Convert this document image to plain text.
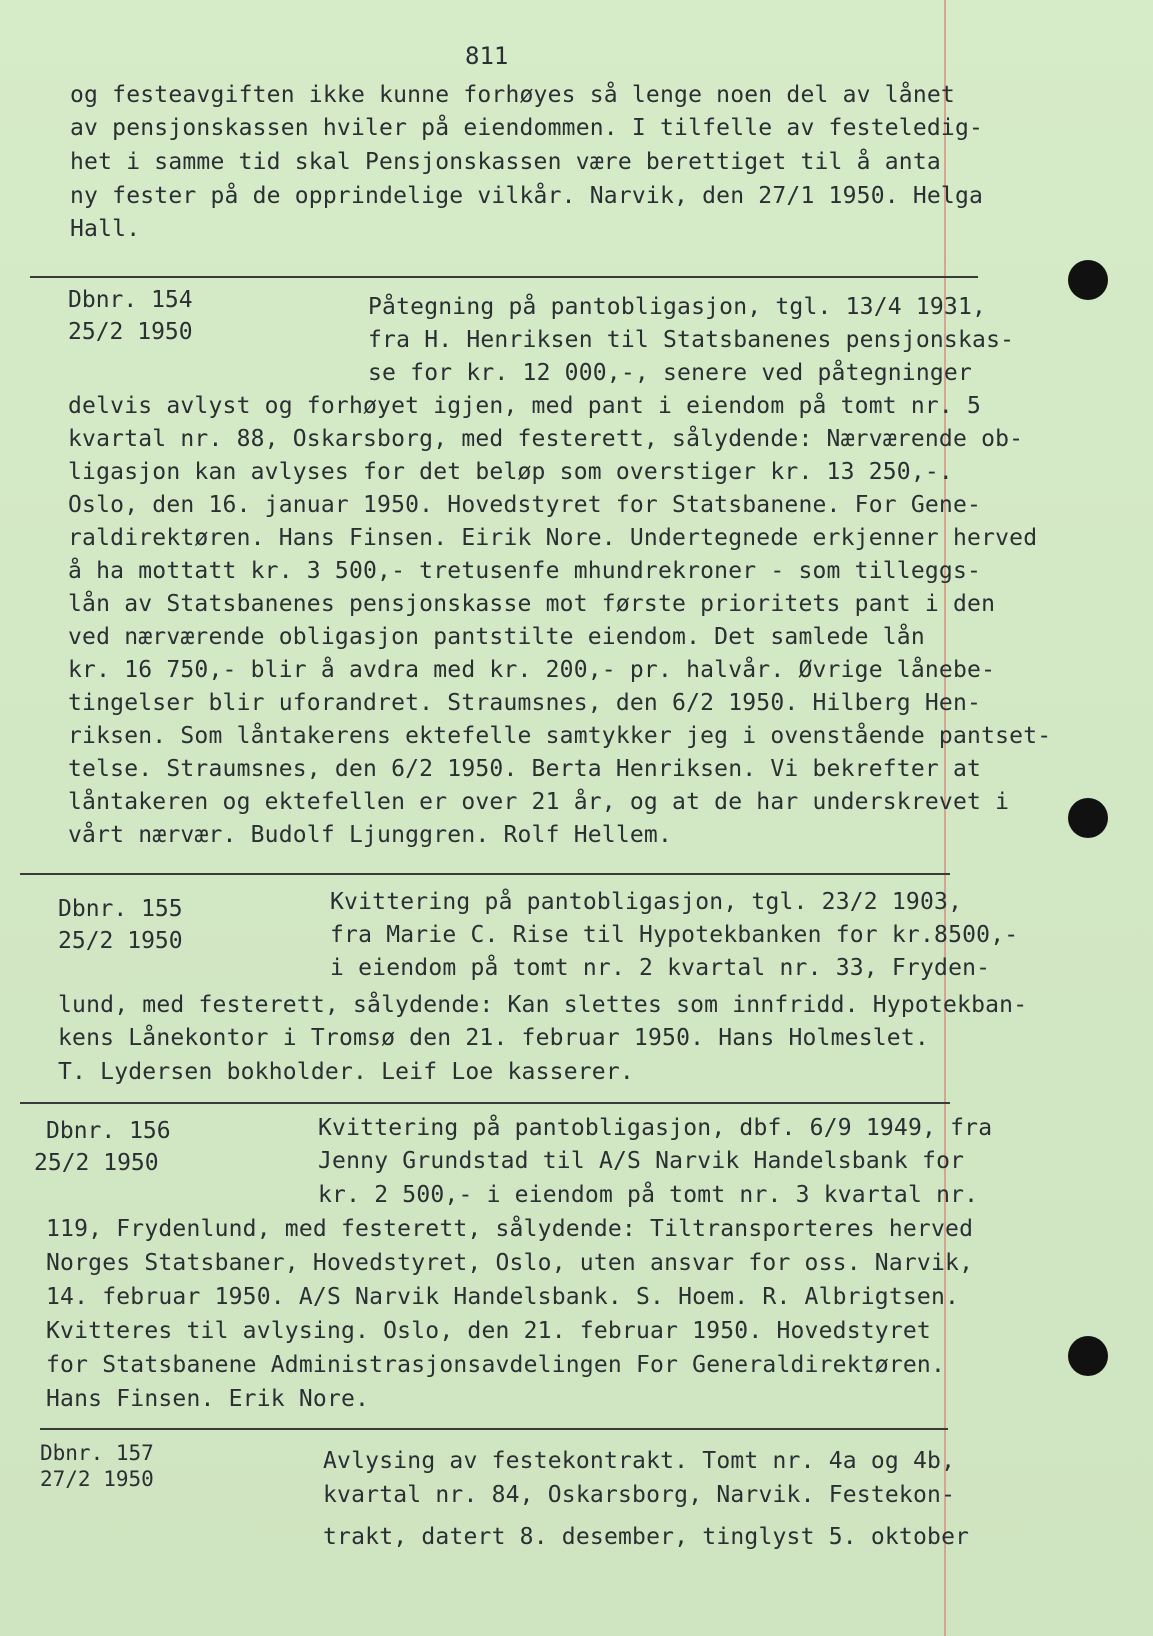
811
og festeavgiften ikke kunne forhøyes så lenge noen del av lånet
av pensjonskassen hviler på eiendommen. I tilfelle av festeledig-
het i samme tid skal Pensjonskassen være berettiget til å anta
ny fester på de opprindelige vilkår. Narvik, den 27/1 1950. Helga
Hall.
Dbnr. 154
25/2 1950
Påtegning på pantobligasjon, tgl. 13/4 1931,
fra H. Henriksen til Statsbanenes pensjonskas-
se for kr. 12 000,-, senere ved påtegninger
delvis avlyst og forhøyet igjen, med pant i eiendom på tomt nr. 5
kvartal nr. 88, Oskarsborg, med festerett, sålydende: Nærværende ob-
ligasjon kan avlyses for det beløp som overstiger kr. 13 250,-.
Oslo, den 16. januar 1950. Hovedstyret for Statsbanene. For Gene-
raldirektøren. Hans Finsen. Eirik Nore. Undertegnede erkjenner herved
å ha mottatt kr. 3 500,- tretusenfe mhundrekroner - som tilleggs-
lån av Statsbanenes pensjonskasse mot første prioritets pant i den
ved nærværende obligasjon pantstilte eiendom. Det samlede lån
kr. 16 750,- blir å avdra med kr. 200,- pr. halvår. Øvrige lånebe-
tingelser blir uforandret. Straumsnes, den 6/2 1950. Hilberg Hen-
riksen. Som låntakerens ektefelle samtykker jeg i ovenstående pantset-
telse. Straumsnes, den 6/2 1950. Berta Henriksen. Vi bekrefter at
låntakeren og ektefellen er over 21 år, og at de har underskrevet i
vårt nærvær. Budolf Ljunggren. Rolf Hellem.
Dbnr. 155
25/2 1950
Kvittering på pantobligasjon, tgl. 23/2 1903,
fra Marie C. Rise til Hypotekbanken for kr.8500,-
i eiendom på tomt nr. 2 kvartal nr. 33, Fryden-
lund, med festerett, sålydende: Kan slettes som innfridd. Hypotekban-
kens Lånekontor i Tromsø den 21. februar 1950. Hans Holmeslet.
T. Lydersen bokholder. Leif Loe kasserer.
Dbnr. 156
25/2 1950
Kvittering på pantobligasjon, dbf. 6/9 1949, fra
Jenny Grundstad til A/S Narvik Handelsbank for
kr. 2 500,- i eiendom på tomt nr. 3 kvartal nr.
119, Frydenlund, med festerett, sålydende: Tiltransporteres herved
Norges Statsbaner, Hovedstyret, Oslo, uten ansvar for oss. Narvik,
14. februar 1950. A/S Narvik Handelsbank. S. Hoem. R. Albrigtsen.
Kvitteres til avlysing. Oslo, den 21. februar 1950. Hovedstyret
for Statsbanene Administrasjonsavdelingen For Generaldirektøren.
Hans Finsen. Erik Nore.
Dbnr. 157
27/2 1950
Avlysing av festekontrakt. Tomt nr. 4a og 4b,
kvartal nr. 84, Oskarsborg, Narvik. Festekon-
trakt, datert 8. desember, tinglyst 5. oktober
